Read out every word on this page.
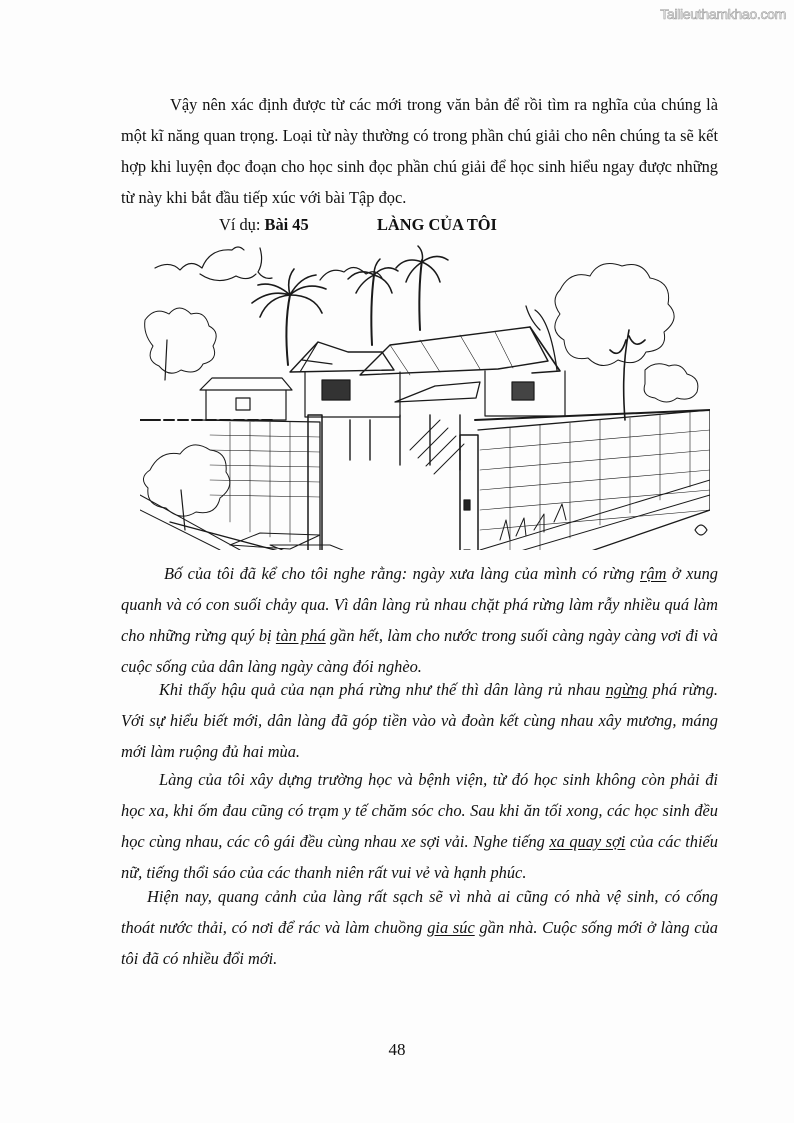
Tailieuthamkhao.com

Vậy nên xác định được từ các mới trong văn bản để rồi tìm ra nghĩa của chúng là một kĩ năng quan trọng. Loại từ này thường có trong phần chú giải cho nên chúng ta sẽ kết hợp khi luyện đọc đoạn cho học sinh đọc phần chú giải để học sinh hiểu ngay được những từ này khi bắt đầu tiếp xúc với bài Tập đọc.

Ví dụ: Bài 45	LÀNG CỦA TÔI

Bố của tôi đã kể cho tôi nghe rằng: ngày xưa làng của mình có rừng rậm ở xung quanh và có con suối chảy qua. Vì dân làng rủ nhau chặt phá rừng làm rẫy nhiều quá làm cho những rừng quý bị tàn phá gần hết, làm cho nước trong suối càng ngày càng vơi đi và cuộc sống của dân làng ngày càng đói nghèo.

Khi thấy hậu quả của nạn phá rừng như thế thì dân làng rủ nhau ngừng phá rừng. Với sự hiểu biết mới, dân làng đã góp tiền vào và đoàn kết cùng nhau xây mương, máng mới làm ruộng đủ hai mùa.

Làng của tôi xây dựng trường học và bệnh viện, từ đó học sinh không còn phải đi học xa, khi ốm đau cũng có trạm y tế chăm sóc cho. Sau khi ăn tối xong, các học sinh đều học cùng nhau, các cô gái đều cùng nhau xe sợi vải. Nghe tiếng xa quay sợi của các thiếu nữ, tiếng thổi sáo của các thanh niên rất vui vẻ và hạnh phúc.

Hiện nay, quang cảnh của làng rất sạch sẽ vì nhà ai cũng có nhà vệ sinh, có cống thoát nước thải, có nơi để rác và làm chuồng gia súc gần nhà. Cuộc sống mới ở làng của tôi đã có nhiều đổi mới.

48
